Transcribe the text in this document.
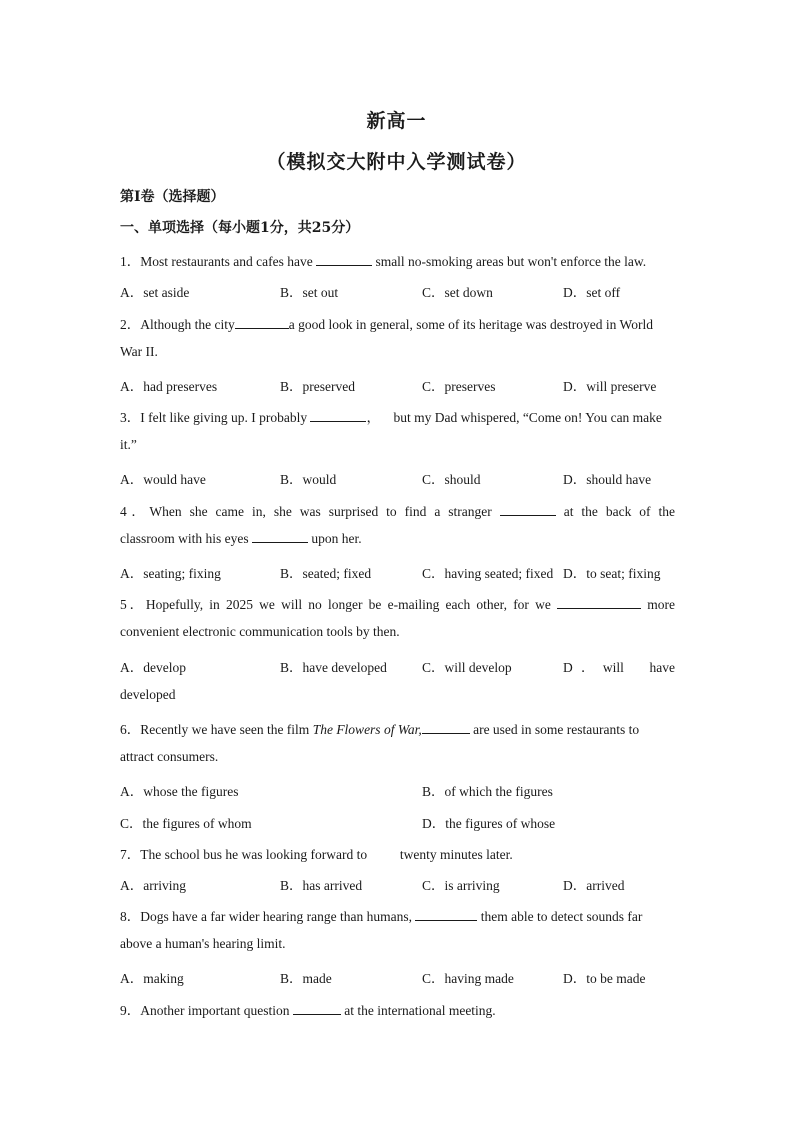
新高一
（模拟交大附中入学测试卷）
第I卷（选择题）
一、单项选择（每小题1分，共25分）
1．Most restaurants and cafes have	small no-smoking areas but won't enforce the law.
A．set aside	B．set out	C．set down	D．set off
2．Although the city	a good look in general, some of its heritage was destroyed in World
War II.
A．had preserves	B．preserved	C．preserves	D．will preserve
3．I felt like giving up. I probably	， but my Dad whispered, “Come on! You can make
it.”
A．would have	B．would	C．should	D．should have
4．When she came in, she was surprised to find a stranger	at the back of the
classroom with his eyes	upon her.
A．seating; fixing	B．seated; fixed	C．having seated; fixed D．to seat; fixing
5．Hopefully, in 2025 we will no longer be e-mailing each other, for we	more
convenient electronic communication tools by then.
A．develop	B．have developed	C．will develop	D．will have
developed
6．Recently we have seen the film The Flowers of War,	are used in some restaurants to
attract consumers.
A．whose the figures	B．of which the figures
C．the figures of whom	D．the figures of whose
7．The school bus he was looking forward to twenty minutes later.
A．arriving	B．has arrived	C．is arriving	D．arrived
8．Dogs have a far wider hearing range than humans,	them able to detect sounds far
above a human's hearing limit.
A．making	B．made	C．having made	D．to be made
9．Another important question	at the international meeting.
